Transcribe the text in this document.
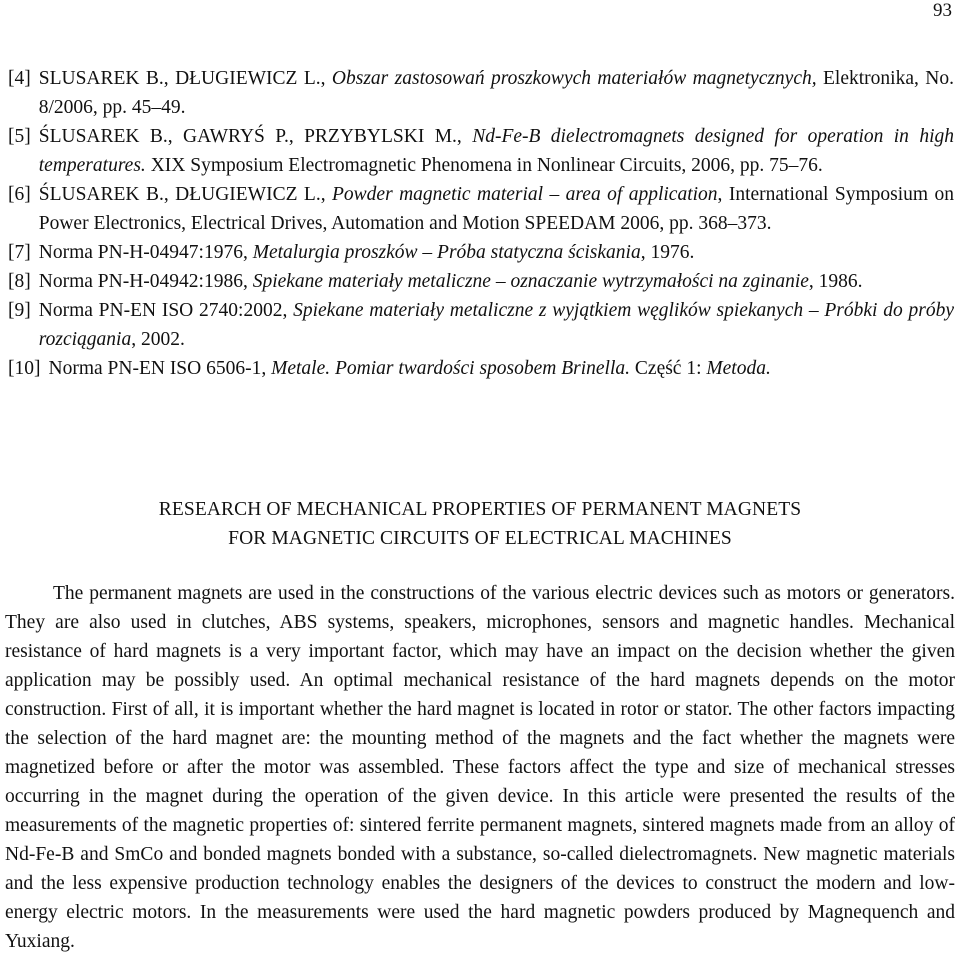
93
[4] SLUSAREK B., DŁUGIEWICZ L., Obszar zastosowań proszkowych materiałów magnetycznych, Elektronika, No. 8/2006, pp. 45–49.
[5] ŚLUSAREK B., GAWRYŚ P., PRZYBYLSKI M., Nd-Fe-B dielectromagnets designed for operation in high temperatures. XIX Symposium Electromagnetic Phenomena in Nonlinear Circuits, 2006, pp. 75–76.
[6] ŚLUSAREK B., DŁUGIEWICZ L., Powder magnetic material – area of application, International Symposium on Power Electronics, Electrical Drives, Automation and Motion SPEEDAM 2006, pp. 368–373.
[7] Norma PN-H-04947:1976, Metalurgia proszków – Próba statyczna ściskania, 1976.
[8] Norma PN-H-04942:1986, Spiekane materiały metaliczne – oznaczanie wytrzymałości na zginanie, 1986.
[9] Norma PN-EN ISO 2740:2002, Spiekane materiały metaliczne z wyjątkiem węglików spiekanych – Próbki do próby rozciągania, 2002.
[10] Norma PN-EN ISO 6506-1, Metale. Pomiar twardości sposobem Brinella. Część 1: Metoda.
RESEARCH OF MECHANICAL PROPERTIES OF PERMANENT MAGNETS
FOR MAGNETIC CIRCUITS OF ELECTRICAL MACHINES

The permanent magnets are used in the constructions of the various electric devices such as motors or generators. They are also used in clutches, ABS systems, speakers, microphones, sensors and magnetic handles. Mechanical resistance of hard magnets is a very important factor, which may have an impact on the decision whether the given application may be possibly used. An optimal mechanical resistance of the hard magnets depends on the motor construction. First of all, it is important whether the hard magnet is located in rotor or stator. The other factors impacting the selection of the hard magnet are: the mounting method of the magnets and the fact whether the magnets were magnetized before or after the motor was assembled. These factors affect the type and size of mechanical stresses occurring in the magnet during the operation of the given device. In this article were presented the results of the measurements of the magnetic properties of: sintered ferrite permanent magnets, sintered magnets made from an alloy of Nd-Fe-B and SmCo and bonded magnets bonded with a substance, so-called dielectromagnets. New magnetic materials and the less expensive production technology enables the designers of the devices to construct the modern and low-energy electric motors. In the measurements were used the hard magnetic powders produced by Magnequench and Yuxiang.
